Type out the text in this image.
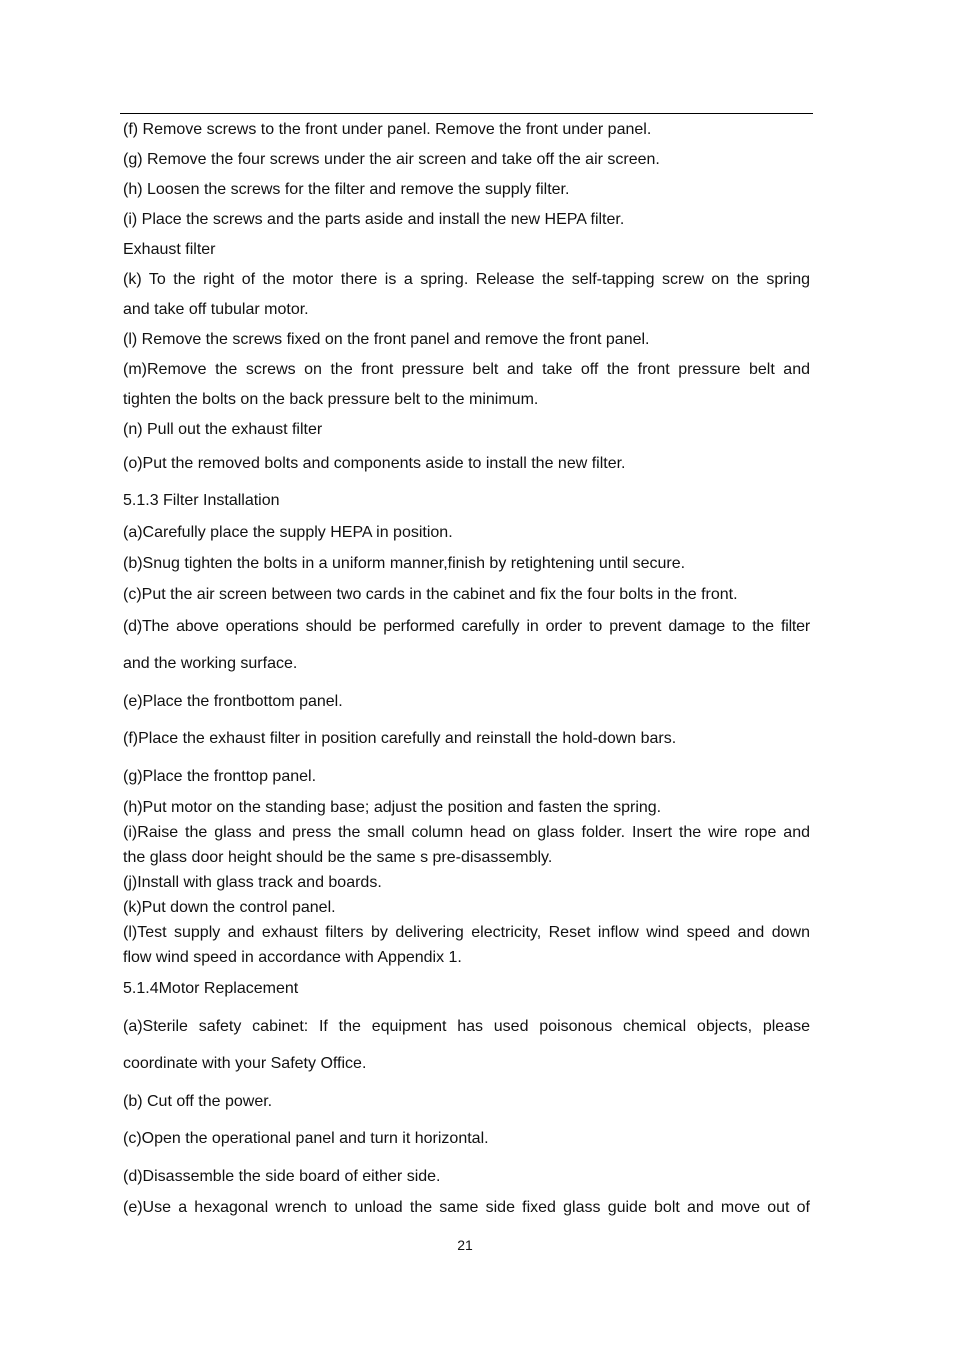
(f) Remove screws to the front under panel. Remove the front under panel.
(g) Remove the four screws under the air screen and take off the air screen.
(h) Loosen the screws for the filter and remove the supply filter.
(i) Place the screws and the parts aside and install the new HEPA filter.
Exhaust filter
(k) To the right of the motor there is a spring. Release the self-tapping screw on the spring
and take off tubular motor.
(l) Remove the screws fixed on the front panel and remove the front panel.
(m)Remove the screws on the front pressure belt and take off the front pressure belt and
tighten the bolts on the back pressure belt to the minimum.
(n) Pull out the exhaust filter
(o)Put the removed bolts and components aside to install the new filter.
5.1.3 Filter Installation
(a)Carefully place the supply HEPA in position.
(b)Snug tighten the bolts in a uniform manner,finish by retightening until secure.
(c)Put the air screen between two cards in the cabinet and fix the four bolts in the front.
(d)The above operations should be performed carefully in order to prevent damage to the filter
and the working surface.
(e)Place the frontbottom panel.
(f)Place the exhaust filter in position carefully and reinstall the hold-down bars.
(g)Place the fronttop panel.
(h)Put motor on the standing base; adjust the position and fasten the spring.
(i)Raise the glass and press the small column head on glass folder. Insert the wire rope and
the glass door height should be the same s pre-disassembly.
(j)Install with glass track and boards.
(k)Put down the control panel.
(l)Test supply and exhaust filters by delivering electricity, Reset inflow wind speed and down
flow wind speed in accordance with Appendix 1.
5.1.4Motor Replacement
(a)Sterile safety cabinet: If the equipment has used poisonous chemical objects, please
coordinate with your Safety Office.
(b) Cut off the power.
(c)Open the operational panel and turn it horizontal.
(d)Disassemble the side board of either side.
(e)Use a hexagonal wrench to unload the same side fixed glass guide bolt and move out of
21
